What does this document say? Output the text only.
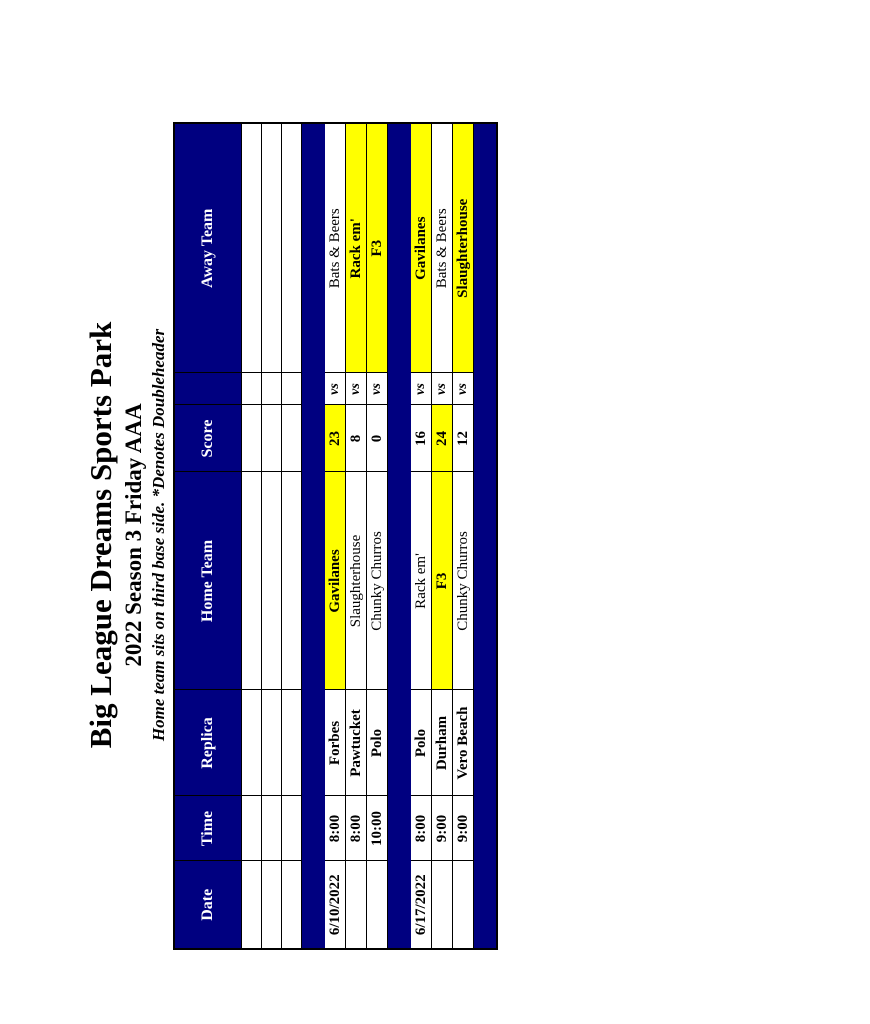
Big League Dreams Sports Park 2022 Season 3 Friday AAA Home team sits on third base side. *Denotes Doubleheader
Date	Time	Replica	Home Team	Score		Away Team

6/10/2022	8:00	Forbes	Gavilanes	23	vs	Bats & Beers
	8:00	Pawtucket	Slaughterhouse	8	vs	Rack em'
	10:00	Polo	Chunky Churros	0	vs	F3

6/17/2022	8:00	Polo	Rack em'	16	vs	Gavilanes
	9:00	Durham	F3	24	vs	Bats & Beers
	9:00	Vero Beach	Chunky Churros	12	vs	Slaughterhouse
